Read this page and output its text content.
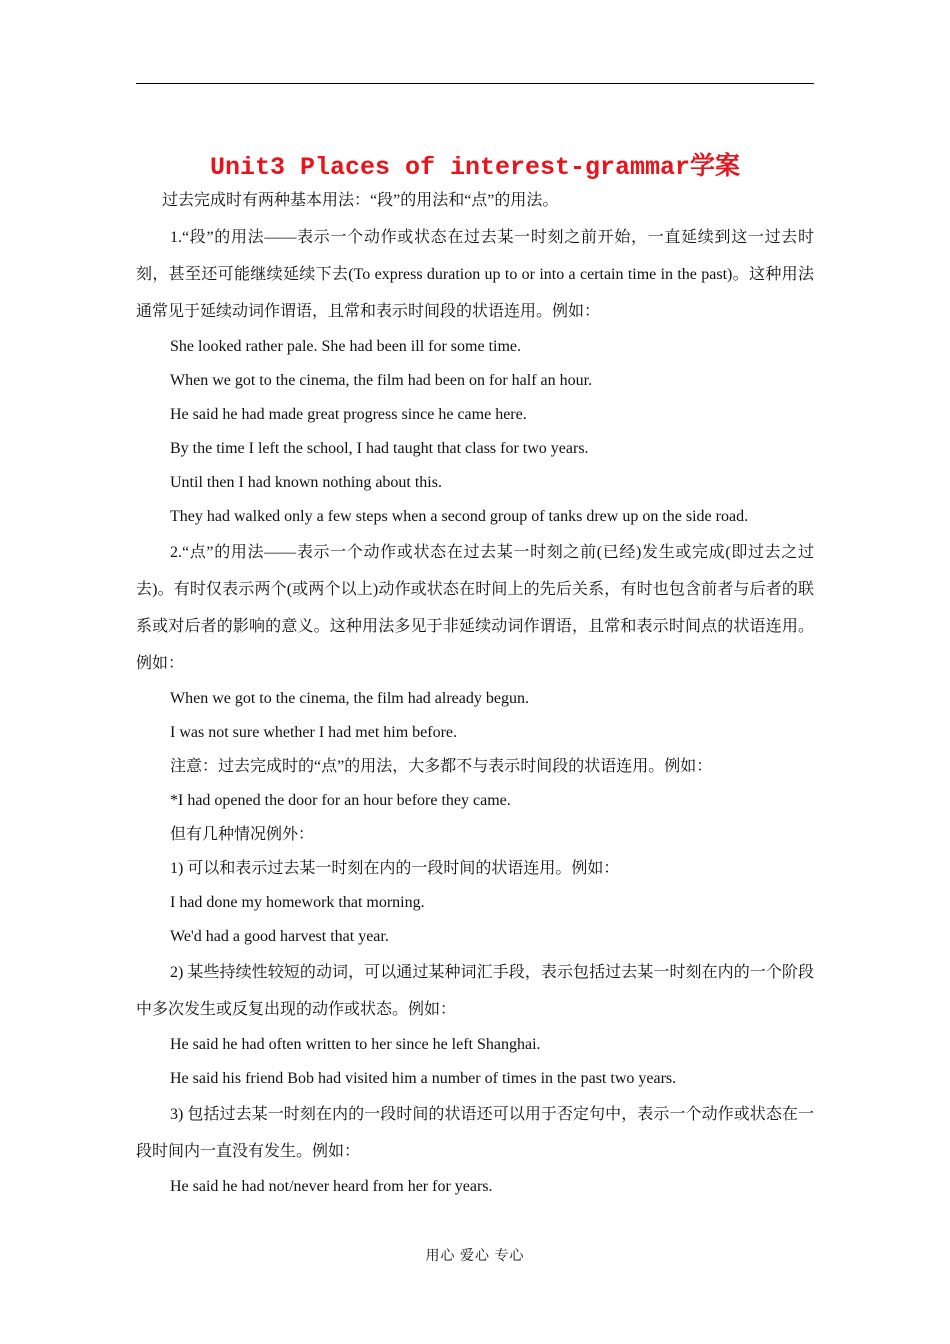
Unit3 Places of interest-grammar学案

过去完成时有两种基本用法：“段”的用法和“点”的用法。

1.“段”的用法——表示一个动作或状态在过去某一时刻之前开始，一直延续到这一过去时刻，甚至还可能继续延续下去(To express duration up to or into a certain time in the past)。这种用法通常见于延续动词作谓语，且常和表示时间段的状语连用。例如：

She looked rather pale. She had been ill for some time.

When we got to the cinema, the film had been on for half an hour.

He said he had made great progress since he came here.

By the time I left the school, I had taught that class for two years.

Until then I had known nothing about this.

They had walked only a few steps when a second group of tanks drew up on the side road.

2.“点”的用法——表示一个动作或状态在过去某一时刻之前(已经)发生或完成(即过去之过去)。有时仅表示两个(或两个以上)动作或状态在时间上的先后关系，有时也包含前者与后者的联系或对后者的影响的意义。这种用法多见于非延续动词作谓语，且常和表示时间点的状语连用。例如：

When we got to the cinema, the film had already begun.

I was not sure whether I had met him before.

注意：过去完成时的“点”的用法，大多都不与表示时间段的状语连用。例如：

*I had opened the door for an hour before they came.

但有几种情况例外：

1) 可以和表示过去某一时刻在内的一段时间的状语连用。例如：

I had done my homework that morning.

We'd had a good harvest that year.

2) 某些持续性较短的动词，可以通过某种词汇手段，表示包括过去某一时刻在内的一个阶段中多次发生或反复出现的动作或状态。例如：

He said he had often written to her since he left Shanghai.

He said his friend Bob had visited him a number of times in the past two years.

3) 包括过去某一时刻在内的一段时间的状语还可以用于否定句中，表示一个动作或状态在一段时间内一直没有发生。例如：

He said he had not/never heard from her for years.

用心 爱心 专心
